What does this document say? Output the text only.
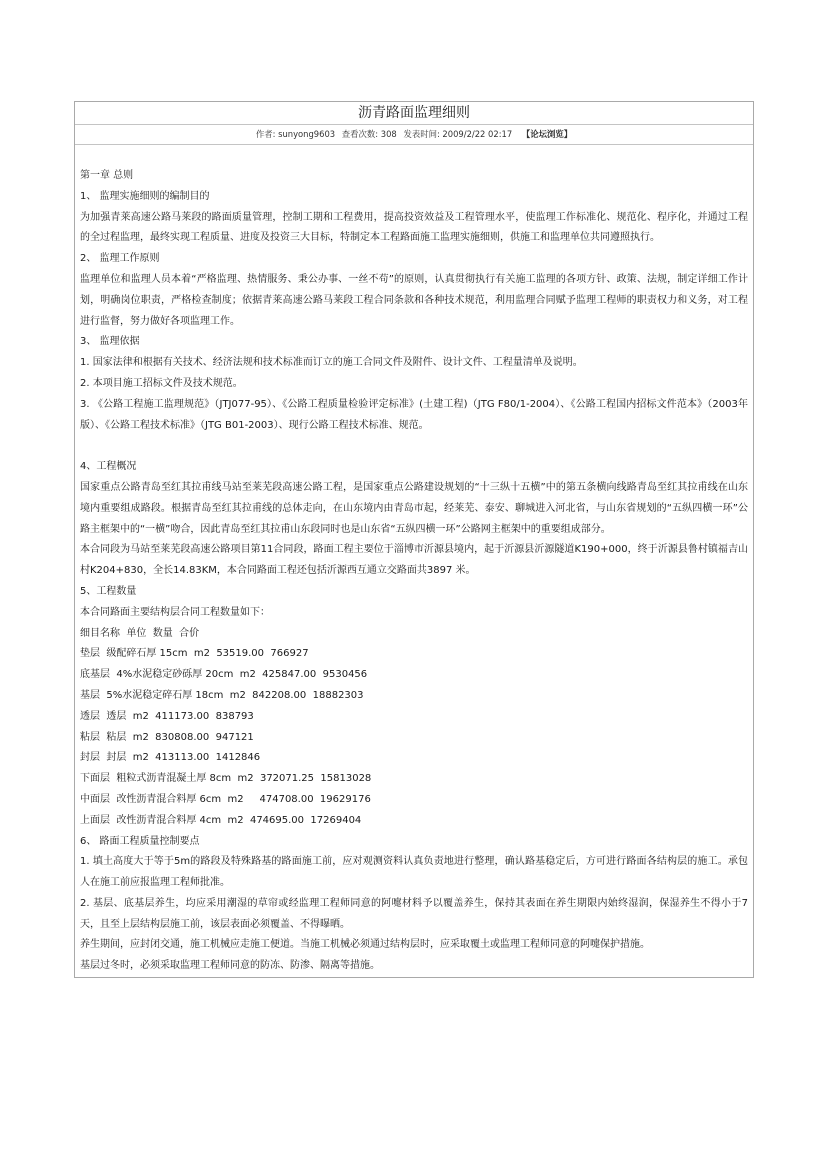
沥青路面监理细则
作者: sunyong9603 查看次数: 308 发表时间: 2009/2/22 02:17 【论坛浏览】

第一章 总则

1、 监理实施细则的编制目的

为加强青莱高速公路马莱段的路面质量管理，控制工期和工程费用，提高投资效益及工程管理水平，使监理工作标准化、规范化、程序化，并通过工程的全过程监理，最终实现工程质量、进度及投资三大目标，特制定本工程路面施工监理实施细则，供施工和监理单位共同遵照执行。

2、 监理工作原则

监理单位和监理人员本着“严格监理、热情服务、秉公办事、一丝不苟”的原则，认真贯彻执行有关施工监理的各项方针、政策、法规，制定详细工作计划，明确岗位职责，严格检查制度；依据青莱高速公路马莱段工程合同条款和各种技术规范，利用监理合同赋予监理工程师的职责权力和义务，对工程进行监督，努力做好各项监理工作。

3、 监理依据

1. 国家法律和根据有关技术、经济法规和技术标准而订立的施工合同文件及附件、设计文件、工程量清单及说明。

2. 本项目施工招标文件及技术规范。

3. 《公路工程施工监理规范》（JTJ077-95）、《公路工程质量检验评定标准》(土建工程)（JTG F80/1-2004）、《公路工程国内招标文件范本》（2003年版）、《公路工程技术标准》（JTG B01-2003）、现行公路工程技术标准、规范。

4、工程概况

国家重点公路青岛至红其拉甫线马站至莱芜段高速公路工程，是国家重点公路建设规划的“十三纵十五横”中的第五条横向线路青岛至红其拉甫线在山东境内重要组成路段。根据青岛至红其拉甫线的总体走向，在山东境内由青岛市起，经莱芜、泰安、聊城进入河北省，与山东省规划的“五纵四横一环”公路主框架中的“一横”吻合，因此青岛至红其拉甫山东段同时也是山东省“五纵四横一环”公路网主框架中的重要组成部分。

本合同段为马站至莱芜段高速公路项目第11合同段，路面工程主要位于淄博市沂源县境内，起于沂源县沂源隧道K190+000，终于沂源县鲁村镇福吉山村K204+830，全长14.83KM，本合同路面工程还包括沂源西互通立交路面共3897 米。

5、工程数量

本合同路面主要结构层合同工程数量如下：

细目名称  单位  数量  合价

垫层  级配碎石厚 15cm  m2  53519.00  766927

底基层  4%水泥稳定砂砾厚 20cm  m2  425847.00  9530456

基层  5%水泥稳定碎石厚 18cm  m2  842208.00  18882303

透层  透层  m2  411173.00  838793

粘层  粘层  m2  830808.00  947121

封层  封层  m2  413113.00  1412846

下面层  粗粒式沥青混凝土厚 8cm  m2  372071.25  15813028

中面层  改性沥青混合料厚 6cm  m2     474708.00  19629176

上面层  改性沥青混合料厚 4cm  m2  474695.00  17269404

6、 路面工程质量控制要点

1. 填土高度大于等于5m的路段及特殊路基的路面施工前，应对观测资料认真负责地进行整理，确认路基稳定后，方可进行路面各结构层的施工。承包人在施工前应报监理工程师批准。

2. 基层、底基层养生，均应采用潮湿的草帘或经监理工程师同意的阿嚏材料予以覆盖养生，保持其表面在养生期限内始终湿润，保湿养生不得小于7天，且至上层结构层施工前，该层表面必须覆盖、不得曝晒。

养生期间，应封闭交通，施工机械应走施工便道。当施工机械必须通过结构层时，应采取覆土或监理工程师同意的阿嚏保护措施。

基层过冬时，必须采取监理工程师同意的防冻、防渗、隔离等措施。
